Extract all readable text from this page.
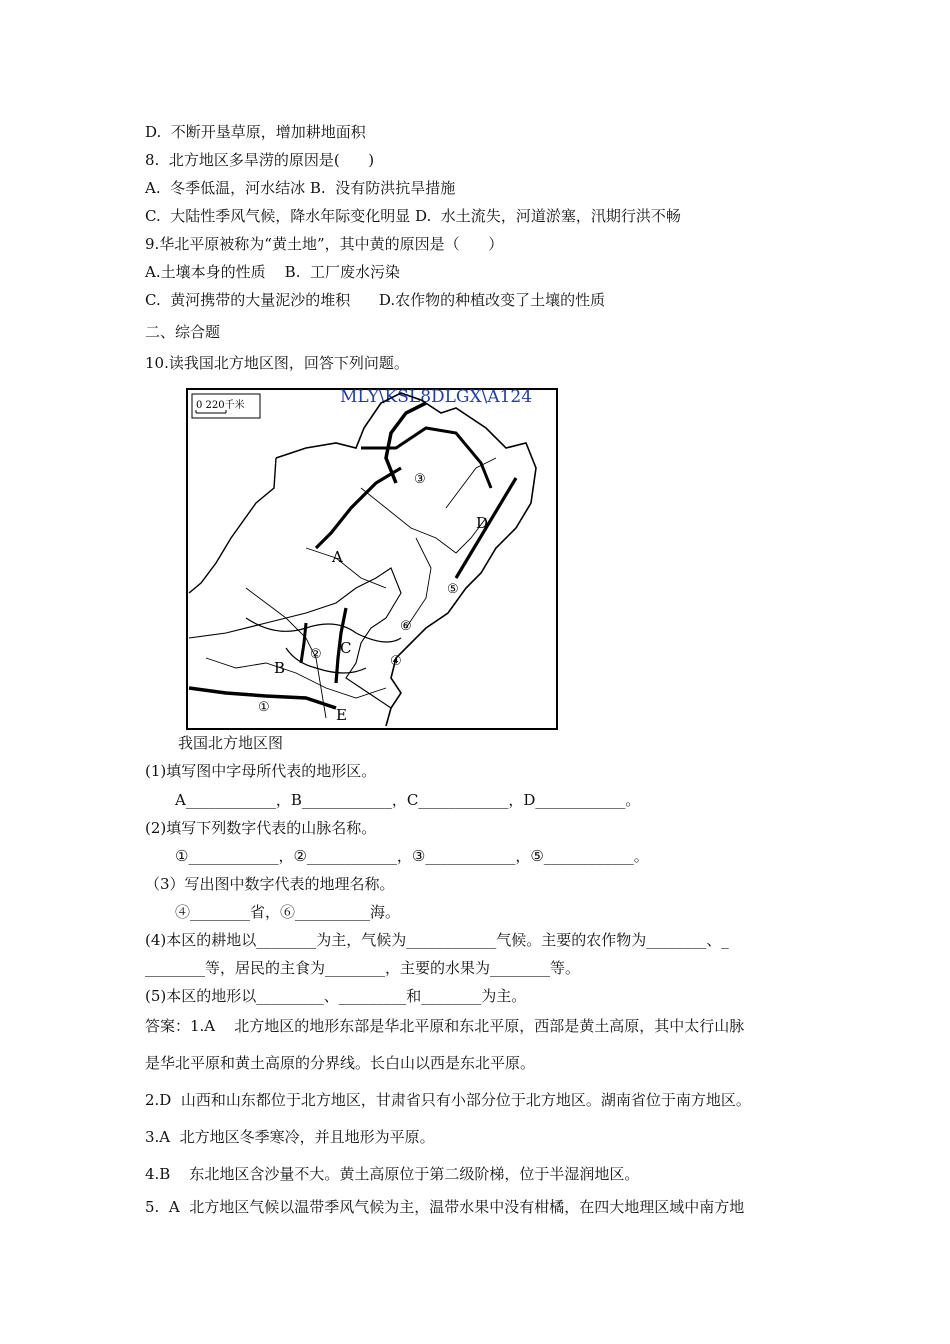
D.  不断开垦草原，增加耕地面积
8.  北方地区多旱涝的原因是(      )
A.  冬季低温，河水结冰 B.  没有防洪抗旱措施
C.  大陆性季风气候，降水年际变化明显 D.  水土流失，河道淤塞，汛期行洪不畅
9.华北平原被称为“黄土地”，其中黄的原因是（      ）
A.土壤本身的性质    B.  工厂废水污染
C.  黄河携带的大量泥沙的堆积      D.农作物的种植改变了土壤的性质
二、综合题
10.读我国北方地区图，回答下列问题。
0 220千米	MLY\KSL8DLGX\A124
A
B
C
D
E
①
②
③
④
⑤
⑥
我国北方地区图
(1)填写图中字母所代表的地形区。
A____________，B____________，C____________，D____________。
(2)填写下列数字代表的山脉名称。
①____________，②____________，③____________，⑤____________。
（3）写出图中数字代表的地理名称。
④________省，⑥__________海。
(4)本区的耕地以________为主，气候为____________气候。主要的农作物为________、_
________等，居民的主食为________，主要的水果为________等。
(5)本区的地形以_________、_________和________为主。
答案：1.A    北方地区的地形东部是华北平原和东北平原，西部是黄土高原，其中太行山脉
是华北平原和黄土高原的分界线。长白山以西是东北平原。
2.D  山西和山东都位于北方地区，甘肃省只有小部分位于北方地区。湖南省位于南方地区。
3.A  北方地区冬季寒冷，并且地形为平原。
4.B    东北地区含沙量不大。黄土高原位于第二级阶梯，位于半湿润地区。
5.  A  北方地区气候以温带季风气候为主，温带水果中没有柑橘，在四大地理区域中南方地
